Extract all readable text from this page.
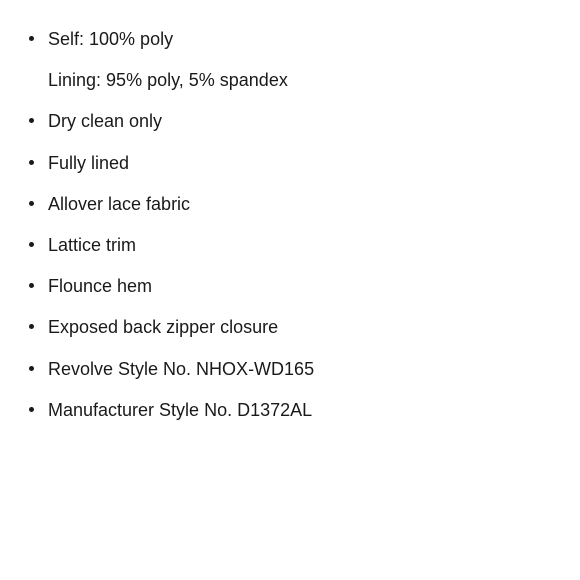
Self: 100% poly
Lining: 95% poly, 5% spandex
Dry clean only
Fully lined
Allover lace fabric
Lattice trim
Flounce hem
Exposed back zipper closure
Revolve Style No. NHOX-WD165
Manufacturer Style No. D1372AL
